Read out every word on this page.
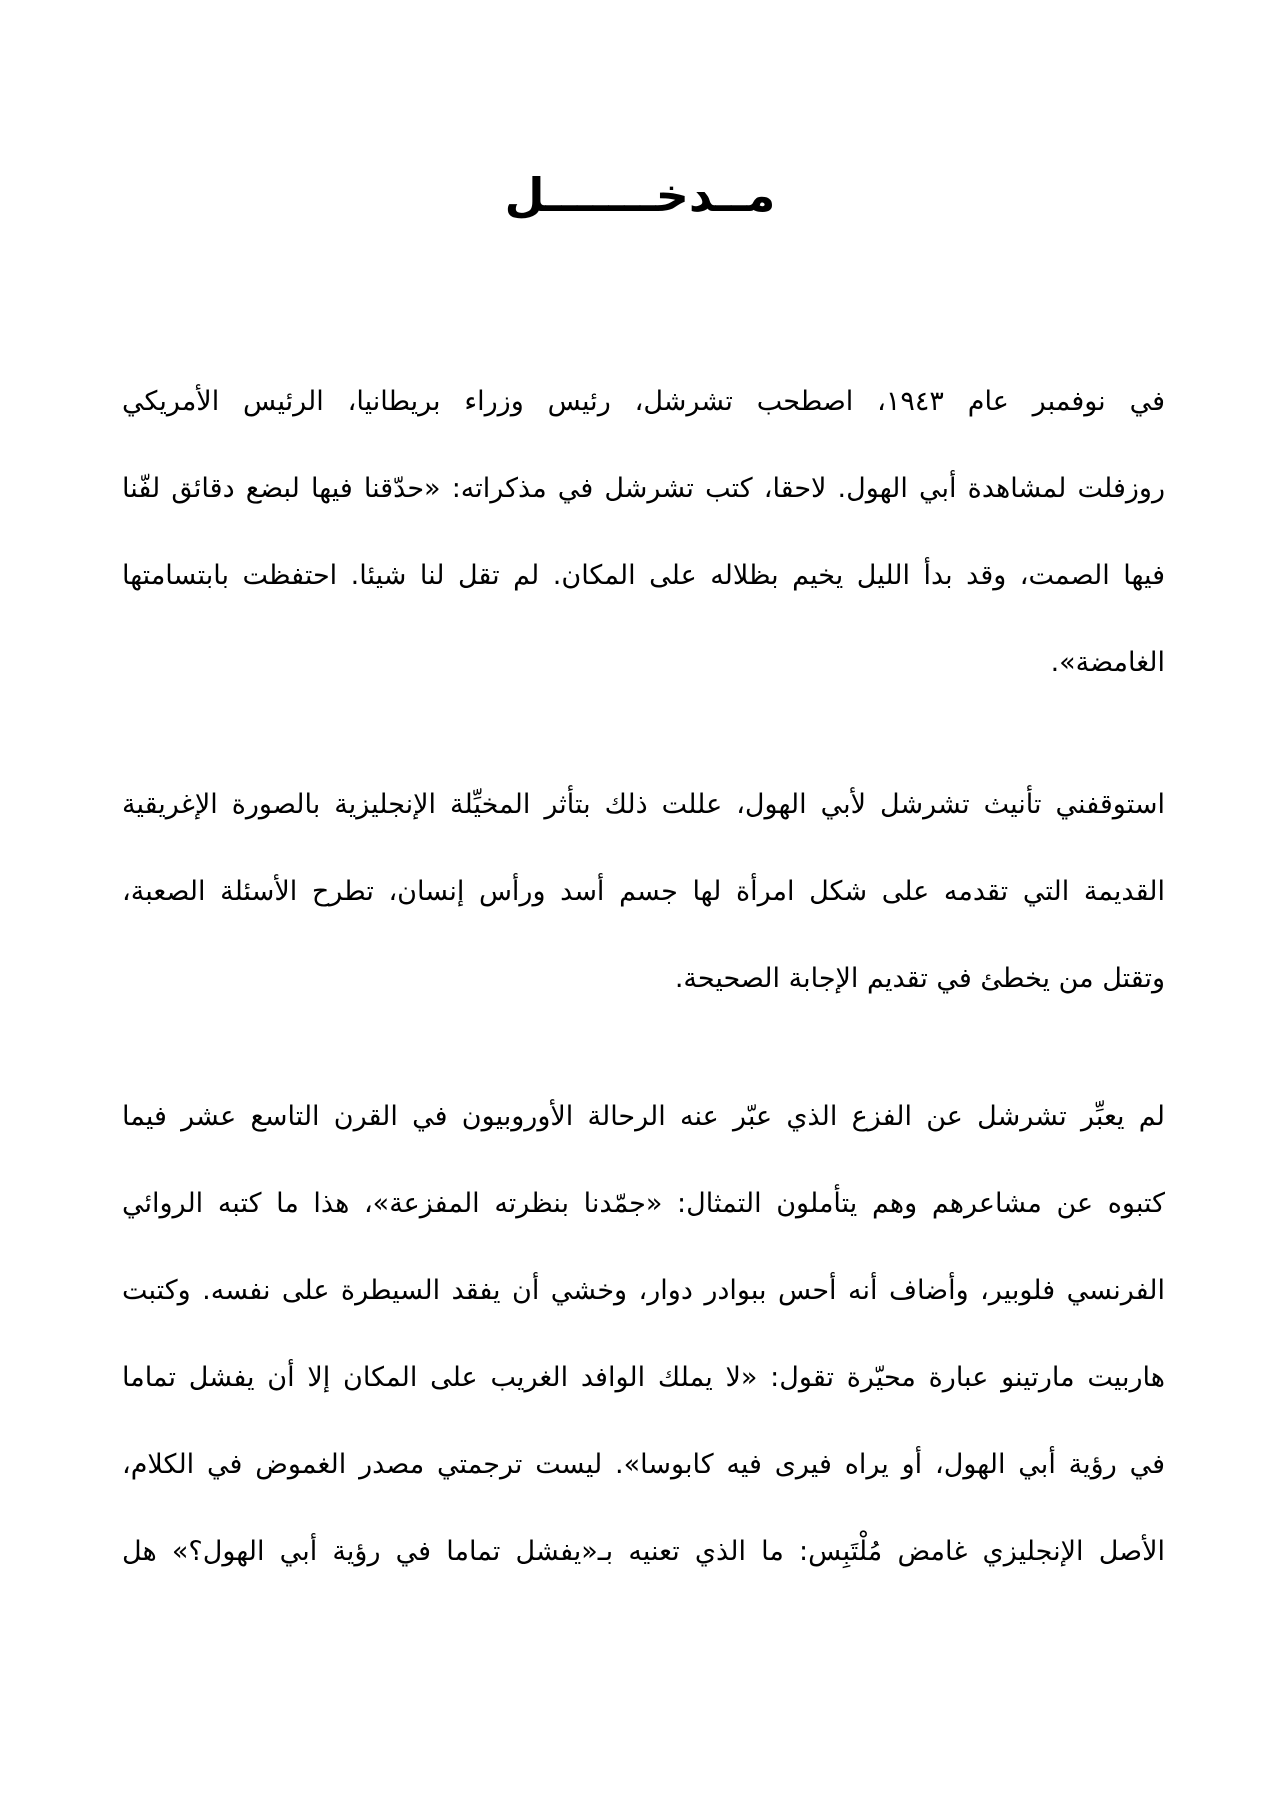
مــدخـــــــل
في نوفمبر عام ١٩٤٣، اصطحب تشرشل، رئيس وزراء بريطانيا، الرئيس الأمريكي
روزفلت لمشاهدة أبي الهول. لاحقا، كتب تشرشل في مذكراته: «حدّقنا فيها لبضع دقائق لفّنا
فيها الصمت، وقد بدأ الليل يخيم بظلاله على المكان. لم تقل لنا شيئا. احتفظت بابتسامتها
الغامضة».
استوقفني تأنيث تشرشل لأبي الهول، عللت ذلك بتأثر المخيِّلة الإنجليزية بالصورة الإغريقية
القديمة التي تقدمه على شكل امرأة لها جسم أسد ورأس إنسان، تطرح الأسئلة الصعبة،
وتقتل من يخطئ في تقديم الإجابة الصحيحة.
لم يعبِّر تشرشل عن الفزع الذي عبّر عنه الرحالة الأوروبيون في القرن التاسع عشر فيما
كتبوه عن مشاعرهم وهم يتأملون التمثال: «جمّدنا بنظرته المفزعة»، هذا ما كتبه الروائي
الفرنسي فلوبير، وأضاف أنه أحس ببوادر دوار، وخشي أن يفقد السيطرة على نفسه. وكتبت
هاربيت مارتينو عبارة محيّرة تقول: «لا يملك الوافد الغريب على المكان إلا أن يفشل تماما
في رؤية أبي الهول، أو يراه فيرى فيه كابوسا». ليست ترجمتي مصدر الغموض في الكلام،
الأصل الإنجليزي غامض مُلْتَبِس: ما الذي تعنيه بـ«يفشل تماما في رؤية أبي الهول؟» هل
